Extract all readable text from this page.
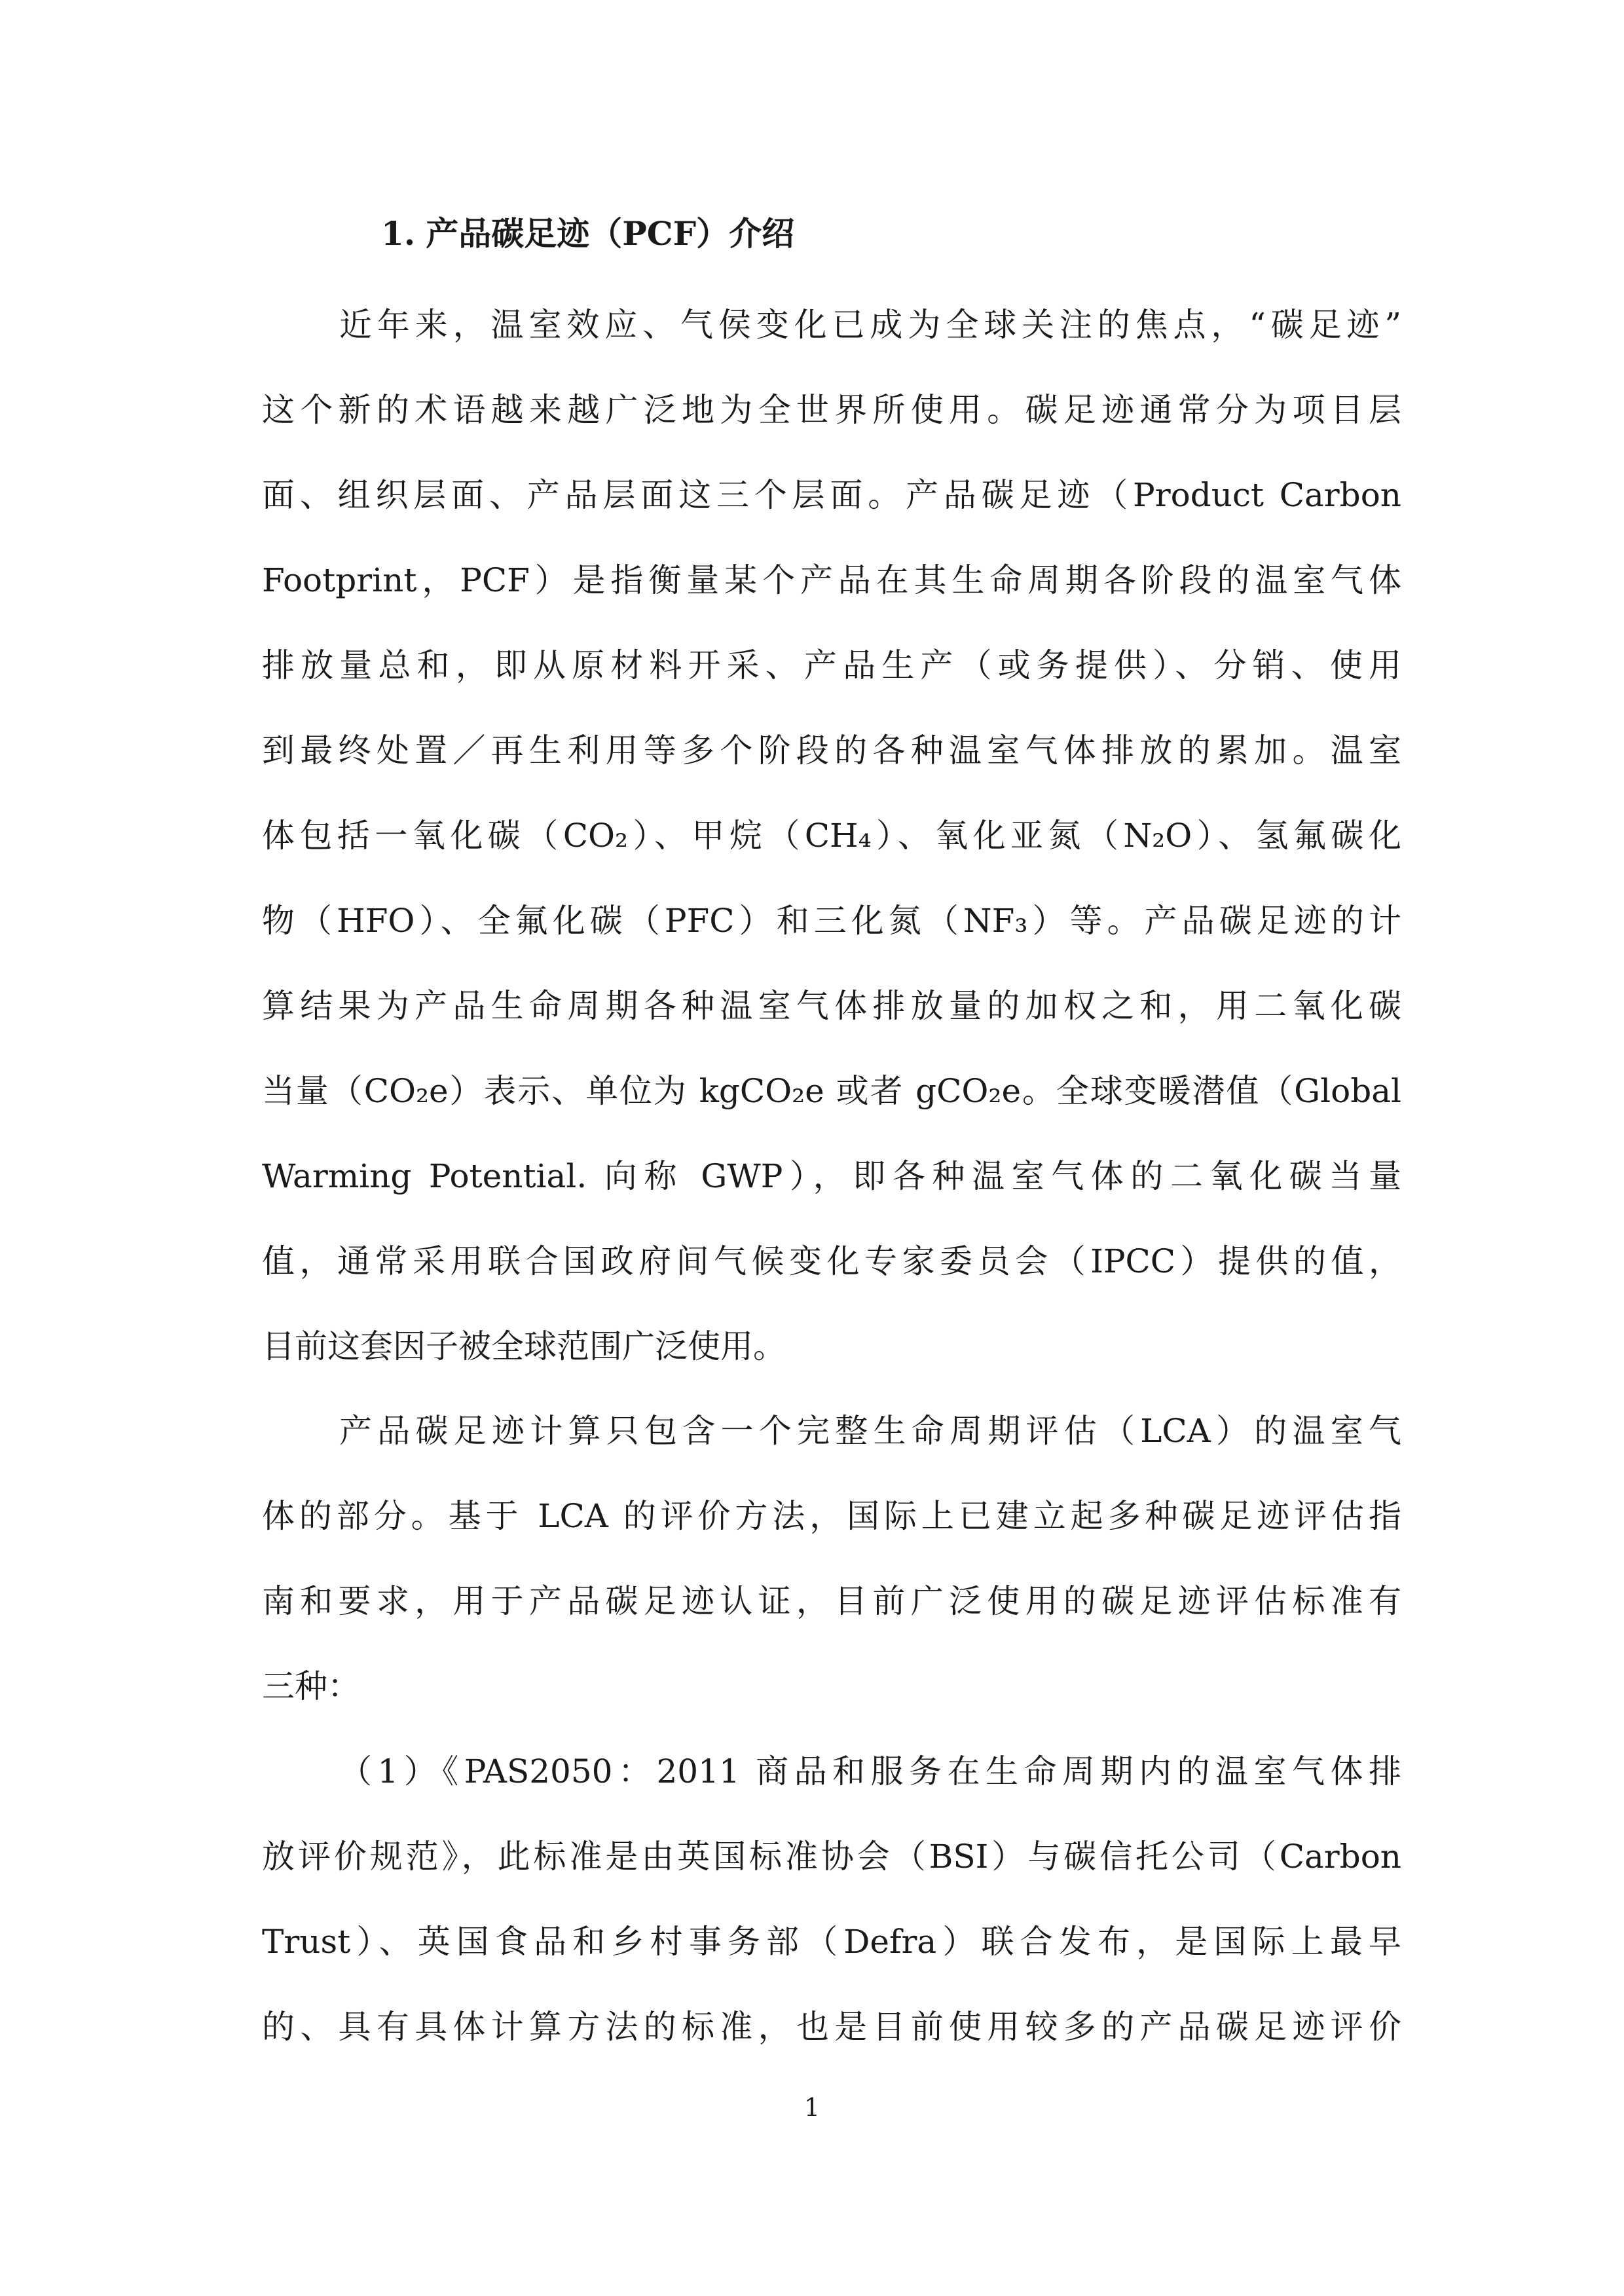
1. 产品碳足迹（PCF）介绍
近年来，温室效应、气侯变化已成为全球关注的焦点，“碳足迹”
这个新的术语越来越广泛地为全世界所使用。碳足迹通常分为项目层
面、组织层面、产品层面这三个层面。产品碳足迹（Product Carbon
Footprint，PCF）是指衡量某个产品在其生命周期各阶段的温室气体
排放量总和，即从原材料开采、产品生产（或务提供）、分销、使用
到最终处置／再生利用等多个阶段的各种温室气体排放的累加。温室
体包括一氧化碳（CO₂）、甲烷（CH₄）、氧化亚氮（N₂O）、氢氟碳化
物（HFO）、全氟化碳（PFC）和三化氮（NF₃）等。产品碳足迹的计
算结果为产品生命周期各种温室气体排放量的加权之和，用二氧化碳
当量（CO₂e）表示、单位为 kgCO₂e 或者 gCO₂e。全球变暖潜值（Global
Warming Potential. 向称 GWP），即各种温室气体的二氧化碳当量
值，通常采用联合国政府间气候变化专家委员会（IPCC）提供的值，
目前这套因子被全球范围广泛使用。
产品碳足迹计算只包含一个完整生命周期评估（LCA）的温室气
体的部分。基于 LCA 的评价方法，国际上已建立起多种碳足迹评估指
南和要求，用于产品碳足迹认证，目前广泛使用的碳足迹评估标准有
三种：
（1）《PAS2050：2011 商品和服务在生命周期内的温室气体排
放评价规范》，此标准是由英国标准协会（BSI）与碳信托公司（Carbon
Trust）、英国食品和乡村事务部（Defra）联合发布，是国际上最早
的、具有具体计算方法的标准，也是目前使用较多的产品碳足迹评价
1
